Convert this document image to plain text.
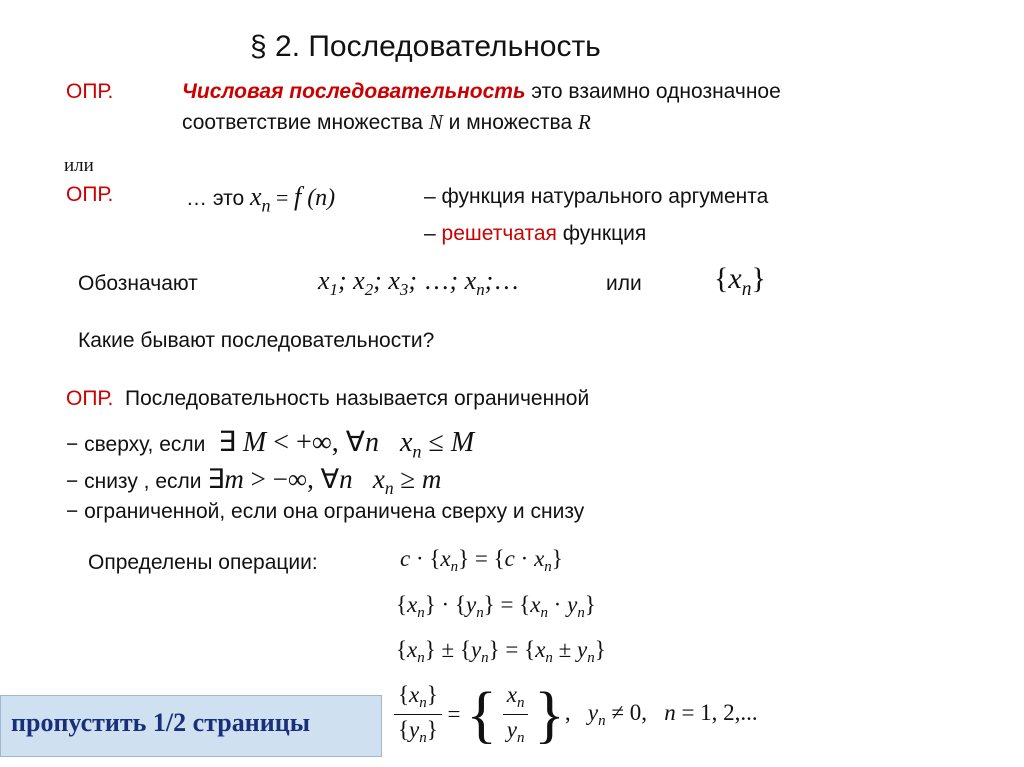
§ 2. Последовательность
ОПР.	Числовая последовательность это взаимно однозначное
соответствие множества N и множества R
или
ОПР.	… это $x_n = f$ (n)	– функция натурального аргумента
– решетчатая функция
Обозначают	$x_1$; $x_2$; $x_3$; …; $x_n;\dots$	или $\{x_n\}$
Какие бывают последовательности?
ОПР. Последовательность называется ограниченной
− сверху, если  ∃ M < +∞, ∀n $x_n \le M$
− снизу , если ∃m > −∞, ∀n $x_n \ge m$
− ограниченной, если она ограничена сверху и снизу
Определены операции:	$c \cdot \{x_n\} = \{c \cdot x_n\}$
$\{x_n\} \cdot \{y_n\} = \{x_n \cdot y_n\}$
$\{x_n\} \pm \{y_n\} = \{x_n \pm y_n\}$
$\frac{\{x_n\}}{\{y_n\}}$ = { $\frac{x_n}{y_n}$ },   $y_n \ne 0$,   n = 1, 2,...
пропустить 1/2 страницы
